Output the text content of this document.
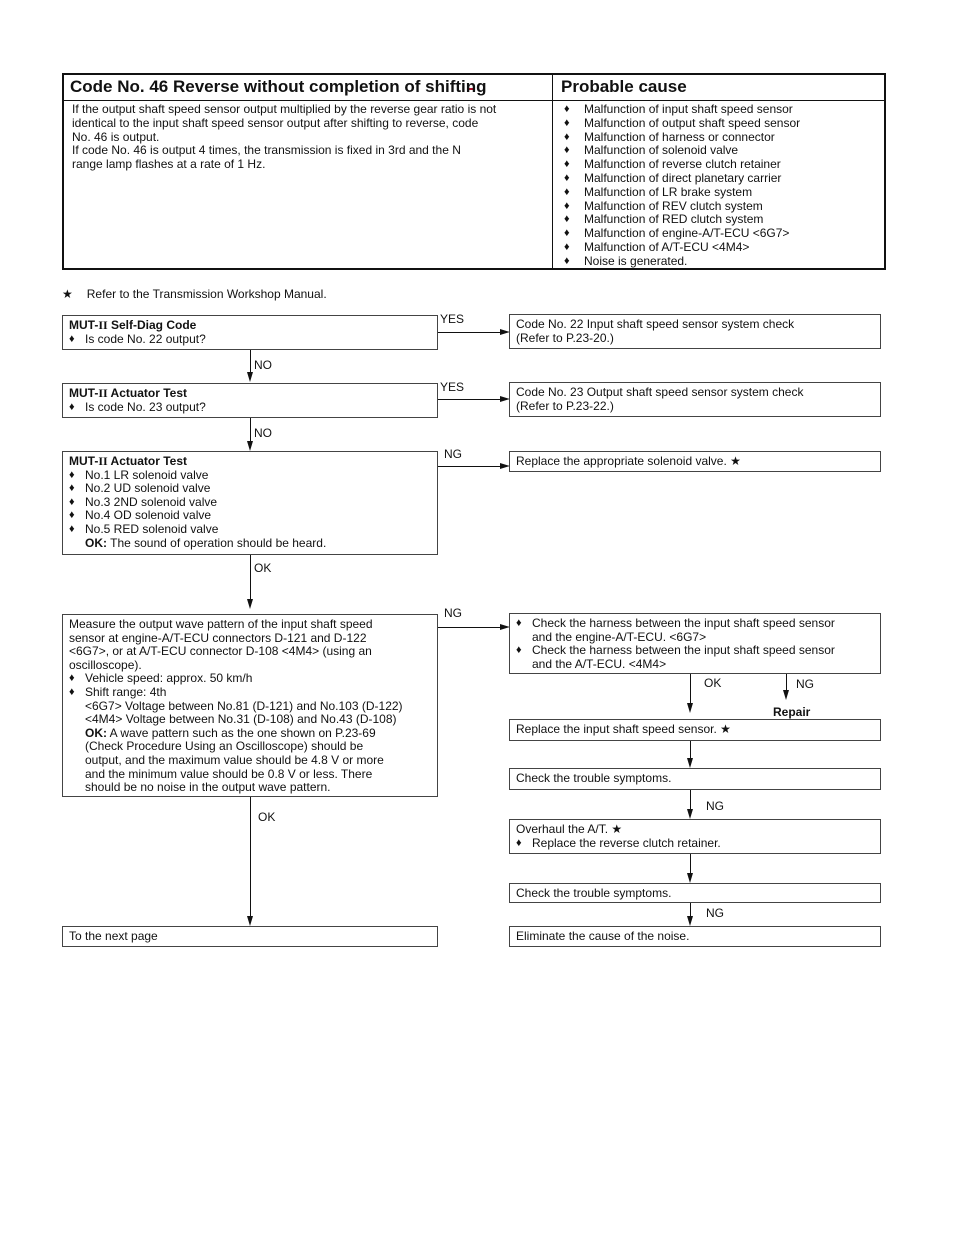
Code No. 46 Reverse without completion of shifting	Probable cause
If the output shaft speed sensor output multiplied by the reverse gear ratio is not
identical to the input shaft speed sensor output after shifting to reverse, code
No. 46 is output.
If code No. 46 is output 4 times, the transmission is fixed in 3rd and the N
range lamp flashes at a rate of 1 Hz.
♦ Malfunction of input shaft speed sensor
♦ Malfunction of output shaft speed sensor
♦ Malfunction of harness or connector
♦ Malfunction of solenoid valve
♦ Malfunction of reverse clutch retainer
♦ Malfunction of direct planetary carrier
♦ Malfunction of LR brake system
♦ Malfunction of REV clutch system
♦ Malfunction of RED clutch system
♦ Malfunction of engine-A/T-ECU <6G7>
♦ Malfunction of A/T-ECU <4M4>
♦ Noise is generated.
★ Refer to the Transmission Workshop Manual.
MUT-II Self-Diag Code
♦ Is code No. 22 output?
YES	Code No. 22 Input shaft speed sensor system check
(Refer to P.23-20.)
NO
MUT-II Actuator Test
♦ Is code No. 23 output?
YES	Code No. 23 Output shaft speed sensor system check
(Refer to P.23-22.)
NO
MUT-II Actuator Test
♦ No.1 LR solenoid valve
♦ No.2 UD solenoid valve
♦ No.3 2ND solenoid valve
♦ No.4 OD solenoid valve
♦ No.5 RED solenoid valve
OK: The sound of operation should be heard.
NG	Replace the appropriate solenoid valve. ★
OK
Measure the output wave pattern of the input shaft speed
sensor at engine-A/T-ECU connectors D-121 and D-122
<6G7>, or at A/T-ECU connector D-108 <4M4> (using an
oscilloscope).
♦ Vehicle speed: approx. 50 km/h
♦ Shift range: 4th
<6G7> Voltage between No.81 (D-121) and No.103 (D-122)
<4M4> Voltage between No.31 (D-108) and No.43 (D-108)
OK: A wave pattern such as the one shown on P.23-69
(Check Procedure Using an Oscilloscope) should be
output, and the maximum value should be 4.8 V or more
and the minimum value should be 0.8 V or less. There
should be no noise in the output wave pattern.
NG
♦ Check the harness between the input shaft speed sensor
and the engine-A/T-ECU. <6G7>
♦ Check the harness between the input shaft speed sensor
and the A/T-ECU. <4M4>
OK	NG
Repair
Replace the input shaft speed sensor. ★
Check the trouble symptoms.
NG
Overhaul the A/T. ★
♦ Replace the reverse clutch retainer.
Check the trouble symptoms.
NG
Eliminate the cause of the noise.
OK
To the next page
